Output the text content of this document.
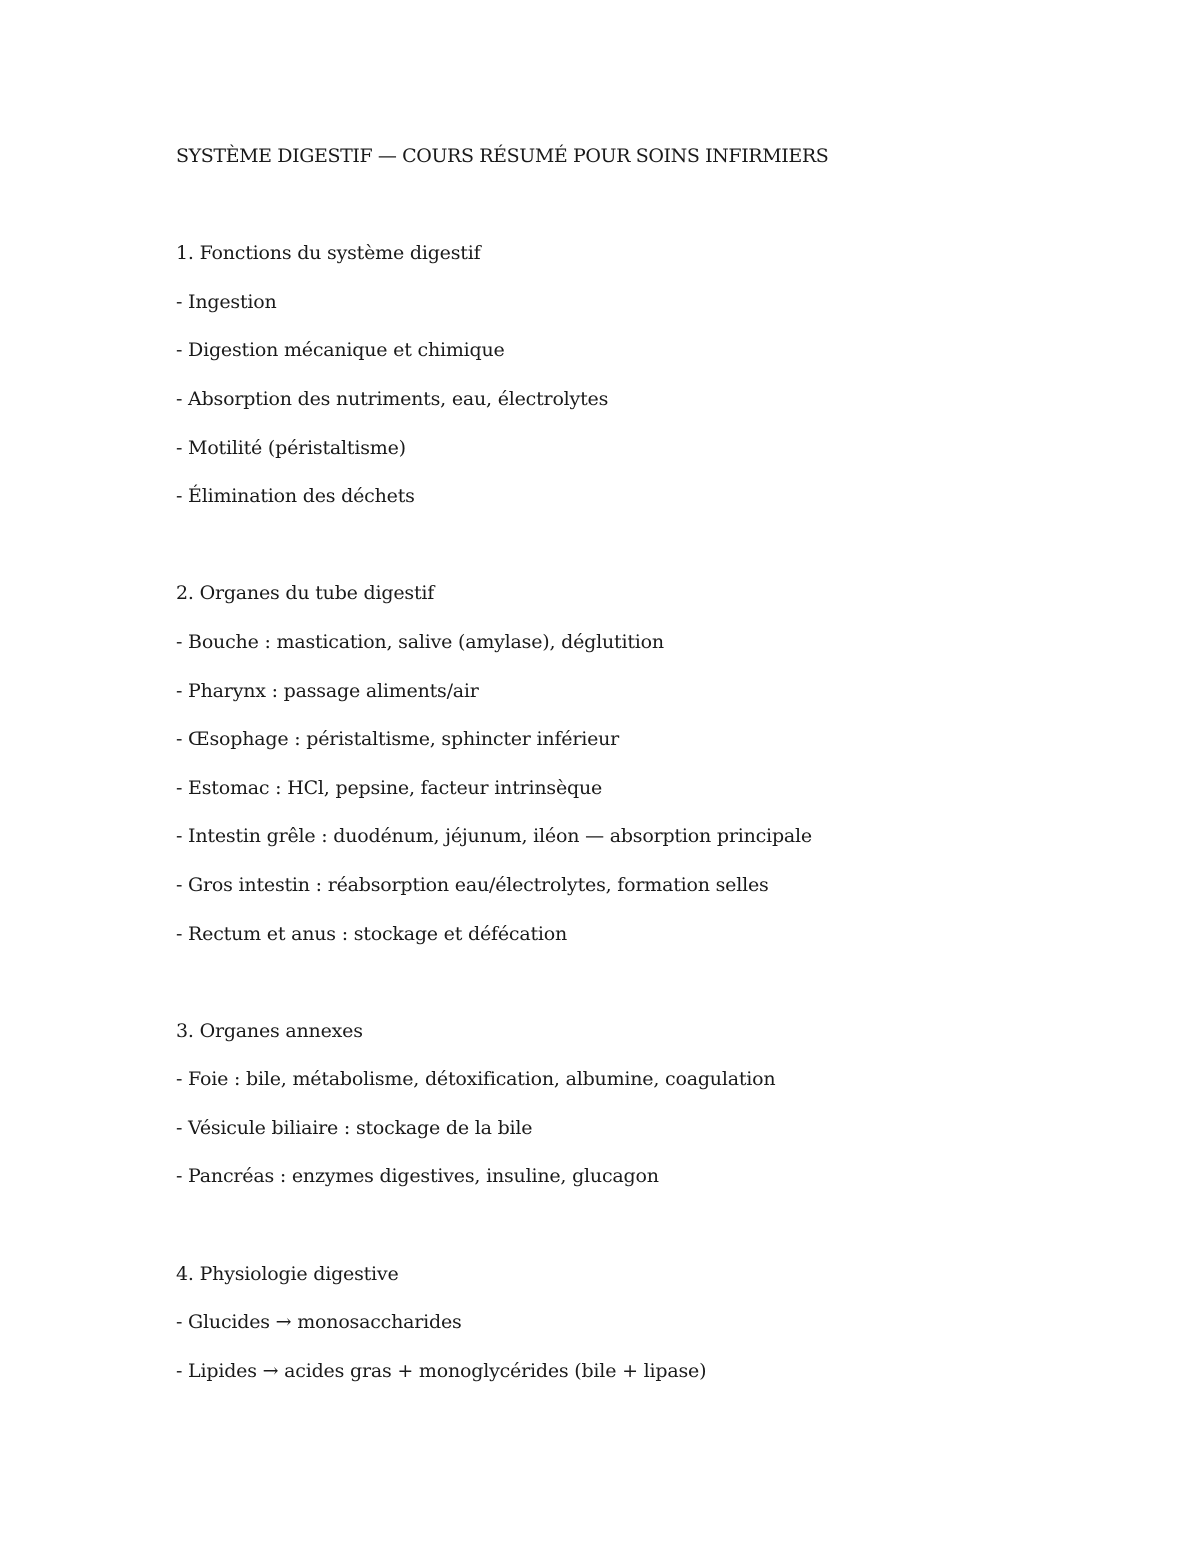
SYSTÈME DIGESTIF — COURS RÉSUMÉ POUR SOINS INFIRMIERS
1. Fonctions du système digestif
- Ingestion
- Digestion mécanique et chimique
- Absorption des nutriments, eau, électrolytes
- Motilité (péristaltisme)
- Élimination des déchets
2. Organes du tube digestif
- Bouche : mastication, salive (amylase), déglutition
- Pharynx : passage aliments/air
- Œsophage : péristaltisme, sphincter inférieur
- Estomac : HCl, pepsine, facteur intrinsèque
- Intestin grêle : duodénum, jéjunum, iléon — absorption principale
- Gros intestin : réabsorption eau/électrolytes, formation selles
- Rectum et anus : stockage et défécation
3. Organes annexes
- Foie : bile, métabolisme, détoxification, albumine, coagulation
- Vésicule biliaire : stockage de la bile
- Pancréas : enzymes digestives, insuline, glucagon
4. Physiologie digestive
- Glucides → monosaccharides
- Lipides → acides gras + monoglycérides (bile + lipase)
